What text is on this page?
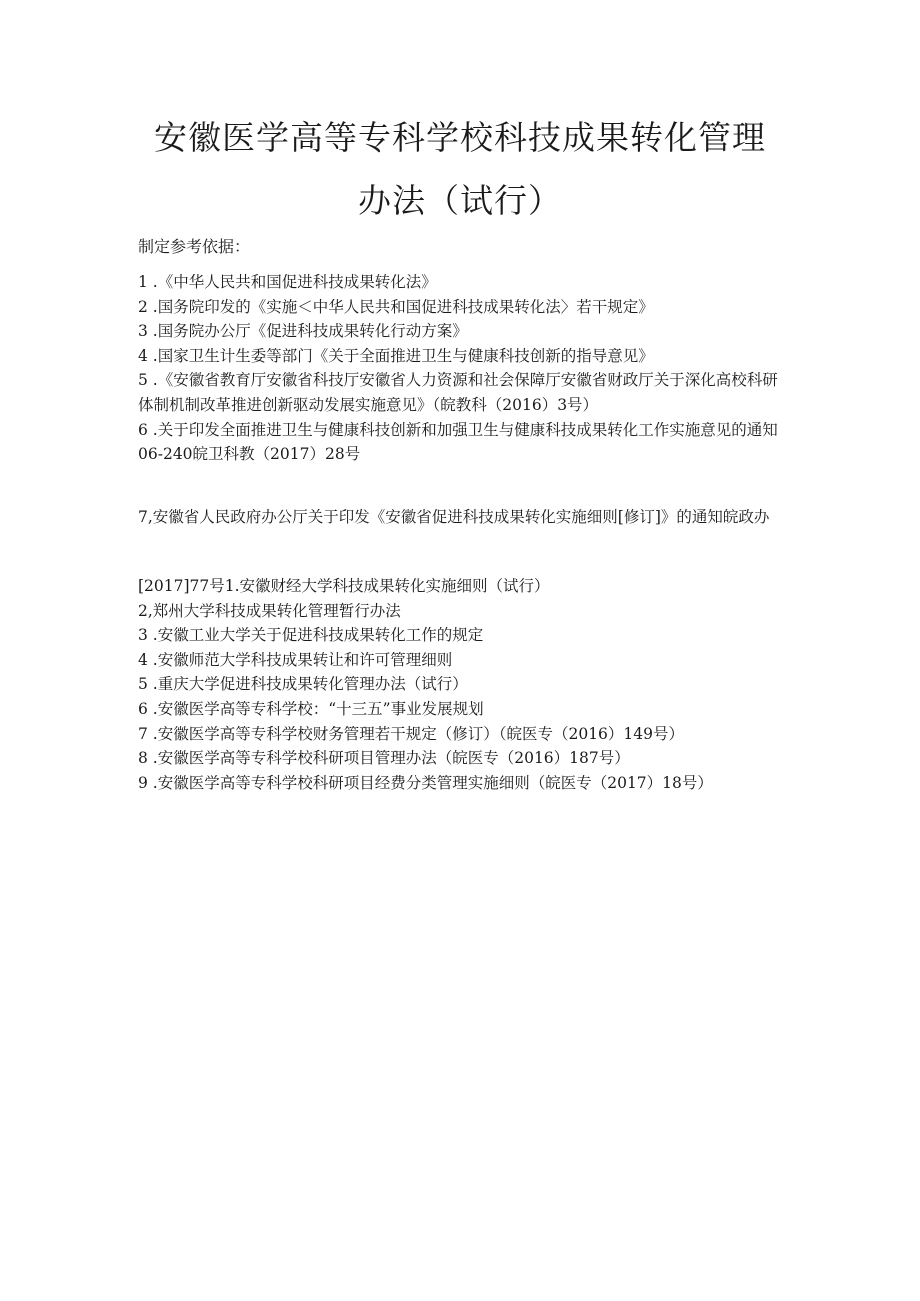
安徽医学高等专科学校科技成果转化管理
办法（试行）
制定参考依据：
1 .《中华人民共和国促进科技成果转化法》
2 .国务院印发的《实施＜中华人民共和国促进科技成果转化法〉若干规定》
3 .国务院办公厅《促进科技成果转化行动方案》
4 .国家卫生计生委等部门《关于全面推进卫生与健康科技创新的指导意见》
5 .《安徽省教育厅安徽省科技厅安徽省人力资源和社会保障厅安徽省财政厅关于深化高校科研体制机制改革推进创新驱动发展实施意见》（皖教科（2016）3号）
6 .关于印发全面推进卫生与健康科技创新和加强卫生与健康科技成果转化工作实施意见的通知06-240皖卫科教（2017）28号
7,安徽省人民政府办公厅关于印发《安徽省促进科技成果转化实施细则[修订]》的通知皖政办
[2017]77号1.安徽财经大学科技成果转化实施细则（试行）
2,郑州大学科技成果转化管理暂行办法
3 .安徽工业大学关于促进科技成果转化工作的规定
4 .安徽师范大学科技成果转让和许可管理细则
5 .重庆大学促进科技成果转化管理办法（试行）
6 .安徽医学高等专科学校：“十三五”事业发展规划
7 .安徽医学高等专科学校财务管理若干规定（修订）（皖医专（2016）149号）
8 .安徽医学高等专科学校科研项目管理办法（皖医专（2016）187号）
9 .安徽医学高等专科学校科研项目经费分类管理实施细则（皖医专（2017）18号）
